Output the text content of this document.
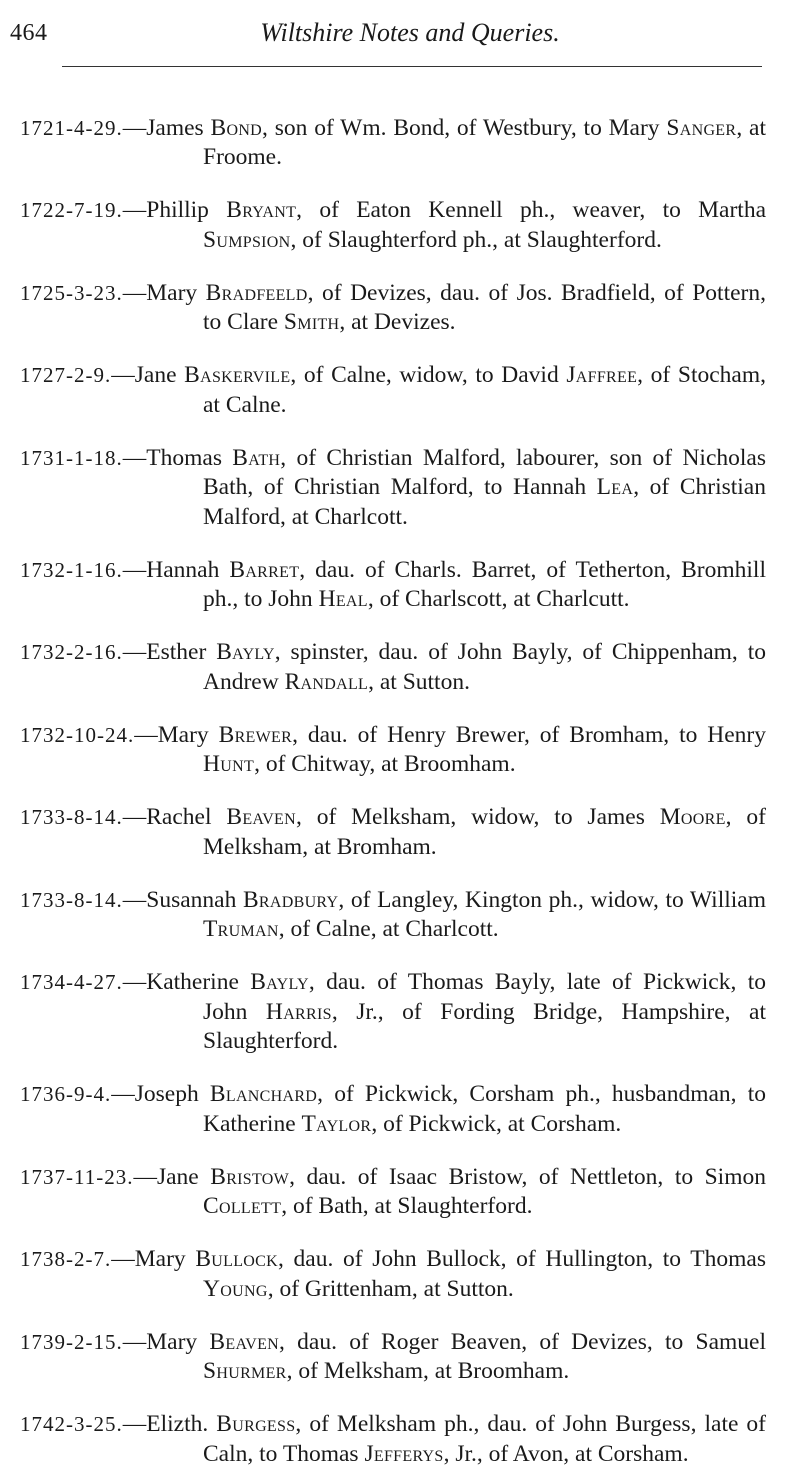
464	Wiltshire Notes and Queries.

1721-4-29.—James Bond, son of Wm. Bond, of Westbury, to Mary Sanger, at Froome.

1722-7-19.—Phillip Bryant, of Eaton Kennell ph., weaver, to Martha Sumpsion, of Slaughterford ph., at Slaughterford.

1725-3-23.—Mary Bradfeeld, of Devizes, dau. of Jos. Bradfield, of Pottern, to Clare Smith, at Devizes.

1727-2-9.—Jane Baskervile, of Calne, widow, to David Jaffree, of Stocham, at Calne.

1731-1-18.—Thomas Bath, of Christian Malford, labourer, son of Nicholas Bath, of Christian Malford, to Hannah Lea, of Christian Malford, at Charlcott.

1732-1-16.—Hannah Barret, dau. of Charls. Barret, of Tetherton, Bromhill ph., to John Heal, of Charlscott, at Charlcutt.

1732-2-16.—Esther Bayly, spinster, dau. of John Bayly, of Chippenham, to Andrew Randall, at Sutton.

1732-10-24.—Mary Brewer, dau. of Henry Brewer, of Bromham, to Henry Hunt, of Chitway, at Broomham.

1733-8-14.—Rachel Beaven, of Melksham, widow, to James Moore, of Melksham, at Bromham.

1733-8-14.—Susannah Bradbury, of Langley, Kington ph., widow, to William Truman, of Calne, at Charlcott.

1734-4-27.—Katherine Bayly, dau. of Thomas Bayly, late of Pickwick, to John Harris, Jr., of Fording Bridge, Hampshire, at Slaughterford.

1736-9-4.—Joseph Blanchard, of Pickwick, Corsham ph., husbandman, to Katherine Taylor, of Pickwick, at Corsham.

1737-11-23.—Jane Bristow, dau. of Isaac Bristow, of Nettleton, to Simon Collett, of Bath, at Slaughterford.

1738-2-7.—Mary Bullock, dau. of John Bullock, of Hullington, to Thomas Young, of Grittenham, at Sutton.

1739-2-15.—Mary Beaven, dau. of Roger Beaven, of Devizes, to Samuel Shurmer, of Melksham, at Broomham.

1742-3-25.—Elizth. Burgess, of Melksham ph., dau. of John Burgess, late of Caln, to Thomas Jefferys, Jr., of Avon, at Corsham.
